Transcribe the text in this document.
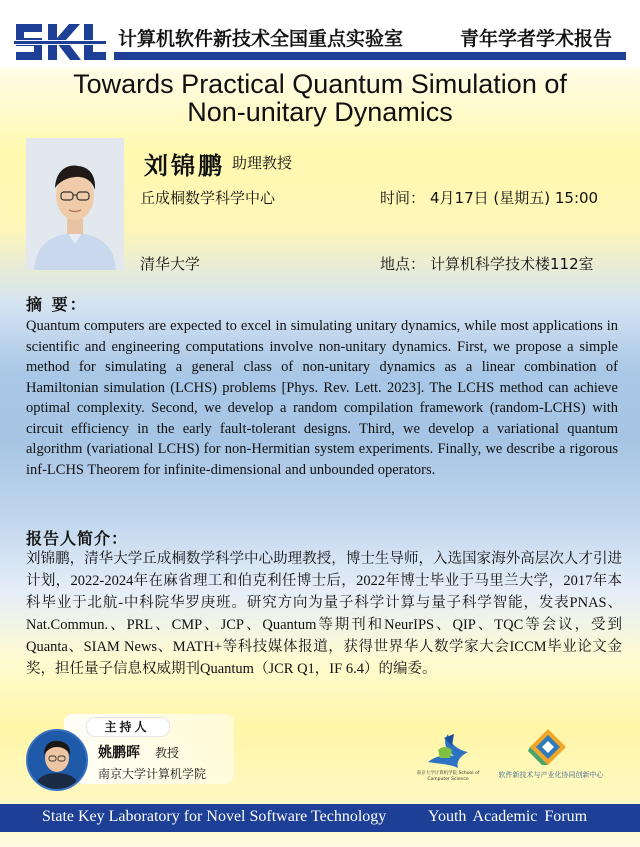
计算机软件新技术全国重点实验室	青年学者学术报告
Towards Practical Quantum Simulation of
Non-unitary Dynamics
刘锦鹏 助理教授
丘成桐数学科学中心	时间： 4月17日 (星期五) 15:00
清华大学	地点： 计算机科学技术楼112室
摘 要：
Quantum computers are expected to excel in simulating unitary dynamics, while most applications in scientific and engineering computations involve non-unitary dynamics. First, we propose a simple method for simulating a general class of non-unitary dynamics as a linear combination of Hamiltonian simulation (LCHS) problems [Phys. Rev. Lett. 2023]. The LCHS method can achieve optimal complexity. Second, we develop a random compilation framework (random-LCHS) with circuit efficiency in the early fault-tolerant designs. Third, we develop a variational quantum algorithm (variational LCHS) for non-Hermitian system experiments. Finally, we describe a rigorous inf-LCHS Theorem for infinite-dimensional and unbounded operators.
报告人简介：
刘锦鹏，清华大学丘成桐数学科学中心助理教授，博士生导师，入选国家海外高层次人才引进计划，2022-2024年在麻省理工和伯克利任博士后，2022年博士毕业于马里兰大学，2017年本科毕业于北航-中科院华罗庚班。研究方向为量子科学计算与量子科学智能，发表PNAS、Nat.Commun.、PRL、CMP、JCP、Quantum等期刊和NeurIPS、QIP、TQC等会议，受到Quanta、SIAM News、MATH+等科技媒体报道，获得世界华人数学家大会ICCM毕业论文金奖，担任量子信息权威期刊Quantum（JCR Q1，IF 6.4）的编委。
主持人
姚鹏晖 教授
南京大学计算机学院	南京大学计算机学院 School of Computer Science
软件新技术与产业化协同创新中心
State Key Laboratory for Novel Software Technology	Youth Academic Forum
